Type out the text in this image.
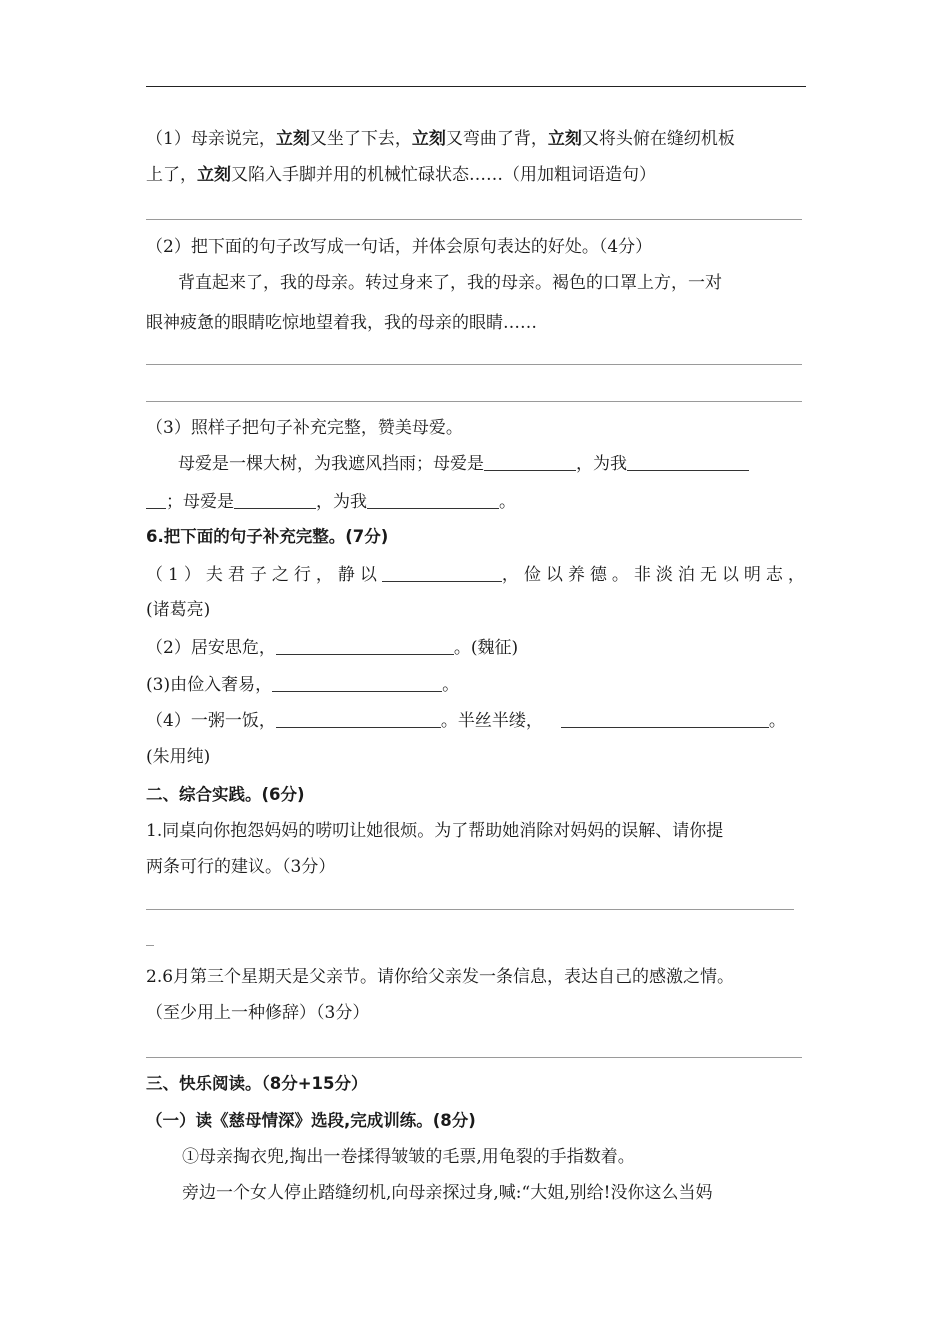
（1）母亲说完，立刻又坐了下去，立刻又弯曲了背，立刻又将头俯在缝纫机板
上了，立刻又陷入手脚并用的机械忙碌状态……（用加粗词语造句）
（2）把下面的句子改写成一句话，并体会原句表达的好处。（4分）
背直起来了，我的母亲。转过身来了，我的母亲。褐色的口罩上方，一对
眼神疲惫的眼睛吃惊地望着我，我的母亲的眼睛……
（3）照样子把句子补充完整，赞美母爱。
母爱是一棵大树，为我遮风挡雨；母爱是	，为我
；母爱是	，为我	。
6.把下面的句子补充完整。(7分)
（1）夫君子之行，静以	，俭以养德。非淡泊无以明志，
(诸葛亮)
（2）居安思危，	。(魏征)
(3)由俭入奢易，	。
（4）一粥一饭，	。半丝半缕，	。
(朱用纯)
二、综合实践。(6分)
1.同桌向你抱怨妈妈的唠叨让她很烦。为了帮助她消除对妈妈的误解、请你提
两条可行的建议。（3分）
2.6月第三个星期天是父亲节。请你给父亲发一条信息，表达自己的感激之情。
（至少用上一种修辞）（3分）
三、快乐阅读。（8分+15分）
（一）读《慈母情深》选段,完成训练。(8分)
①母亲掏衣兜,掏出一卷揉得皱皱的毛票,用龟裂的手指数着。
旁边一个女人停止踏缝纫机,向母亲探过身,喊:“大姐,别给!没你这么当妈
